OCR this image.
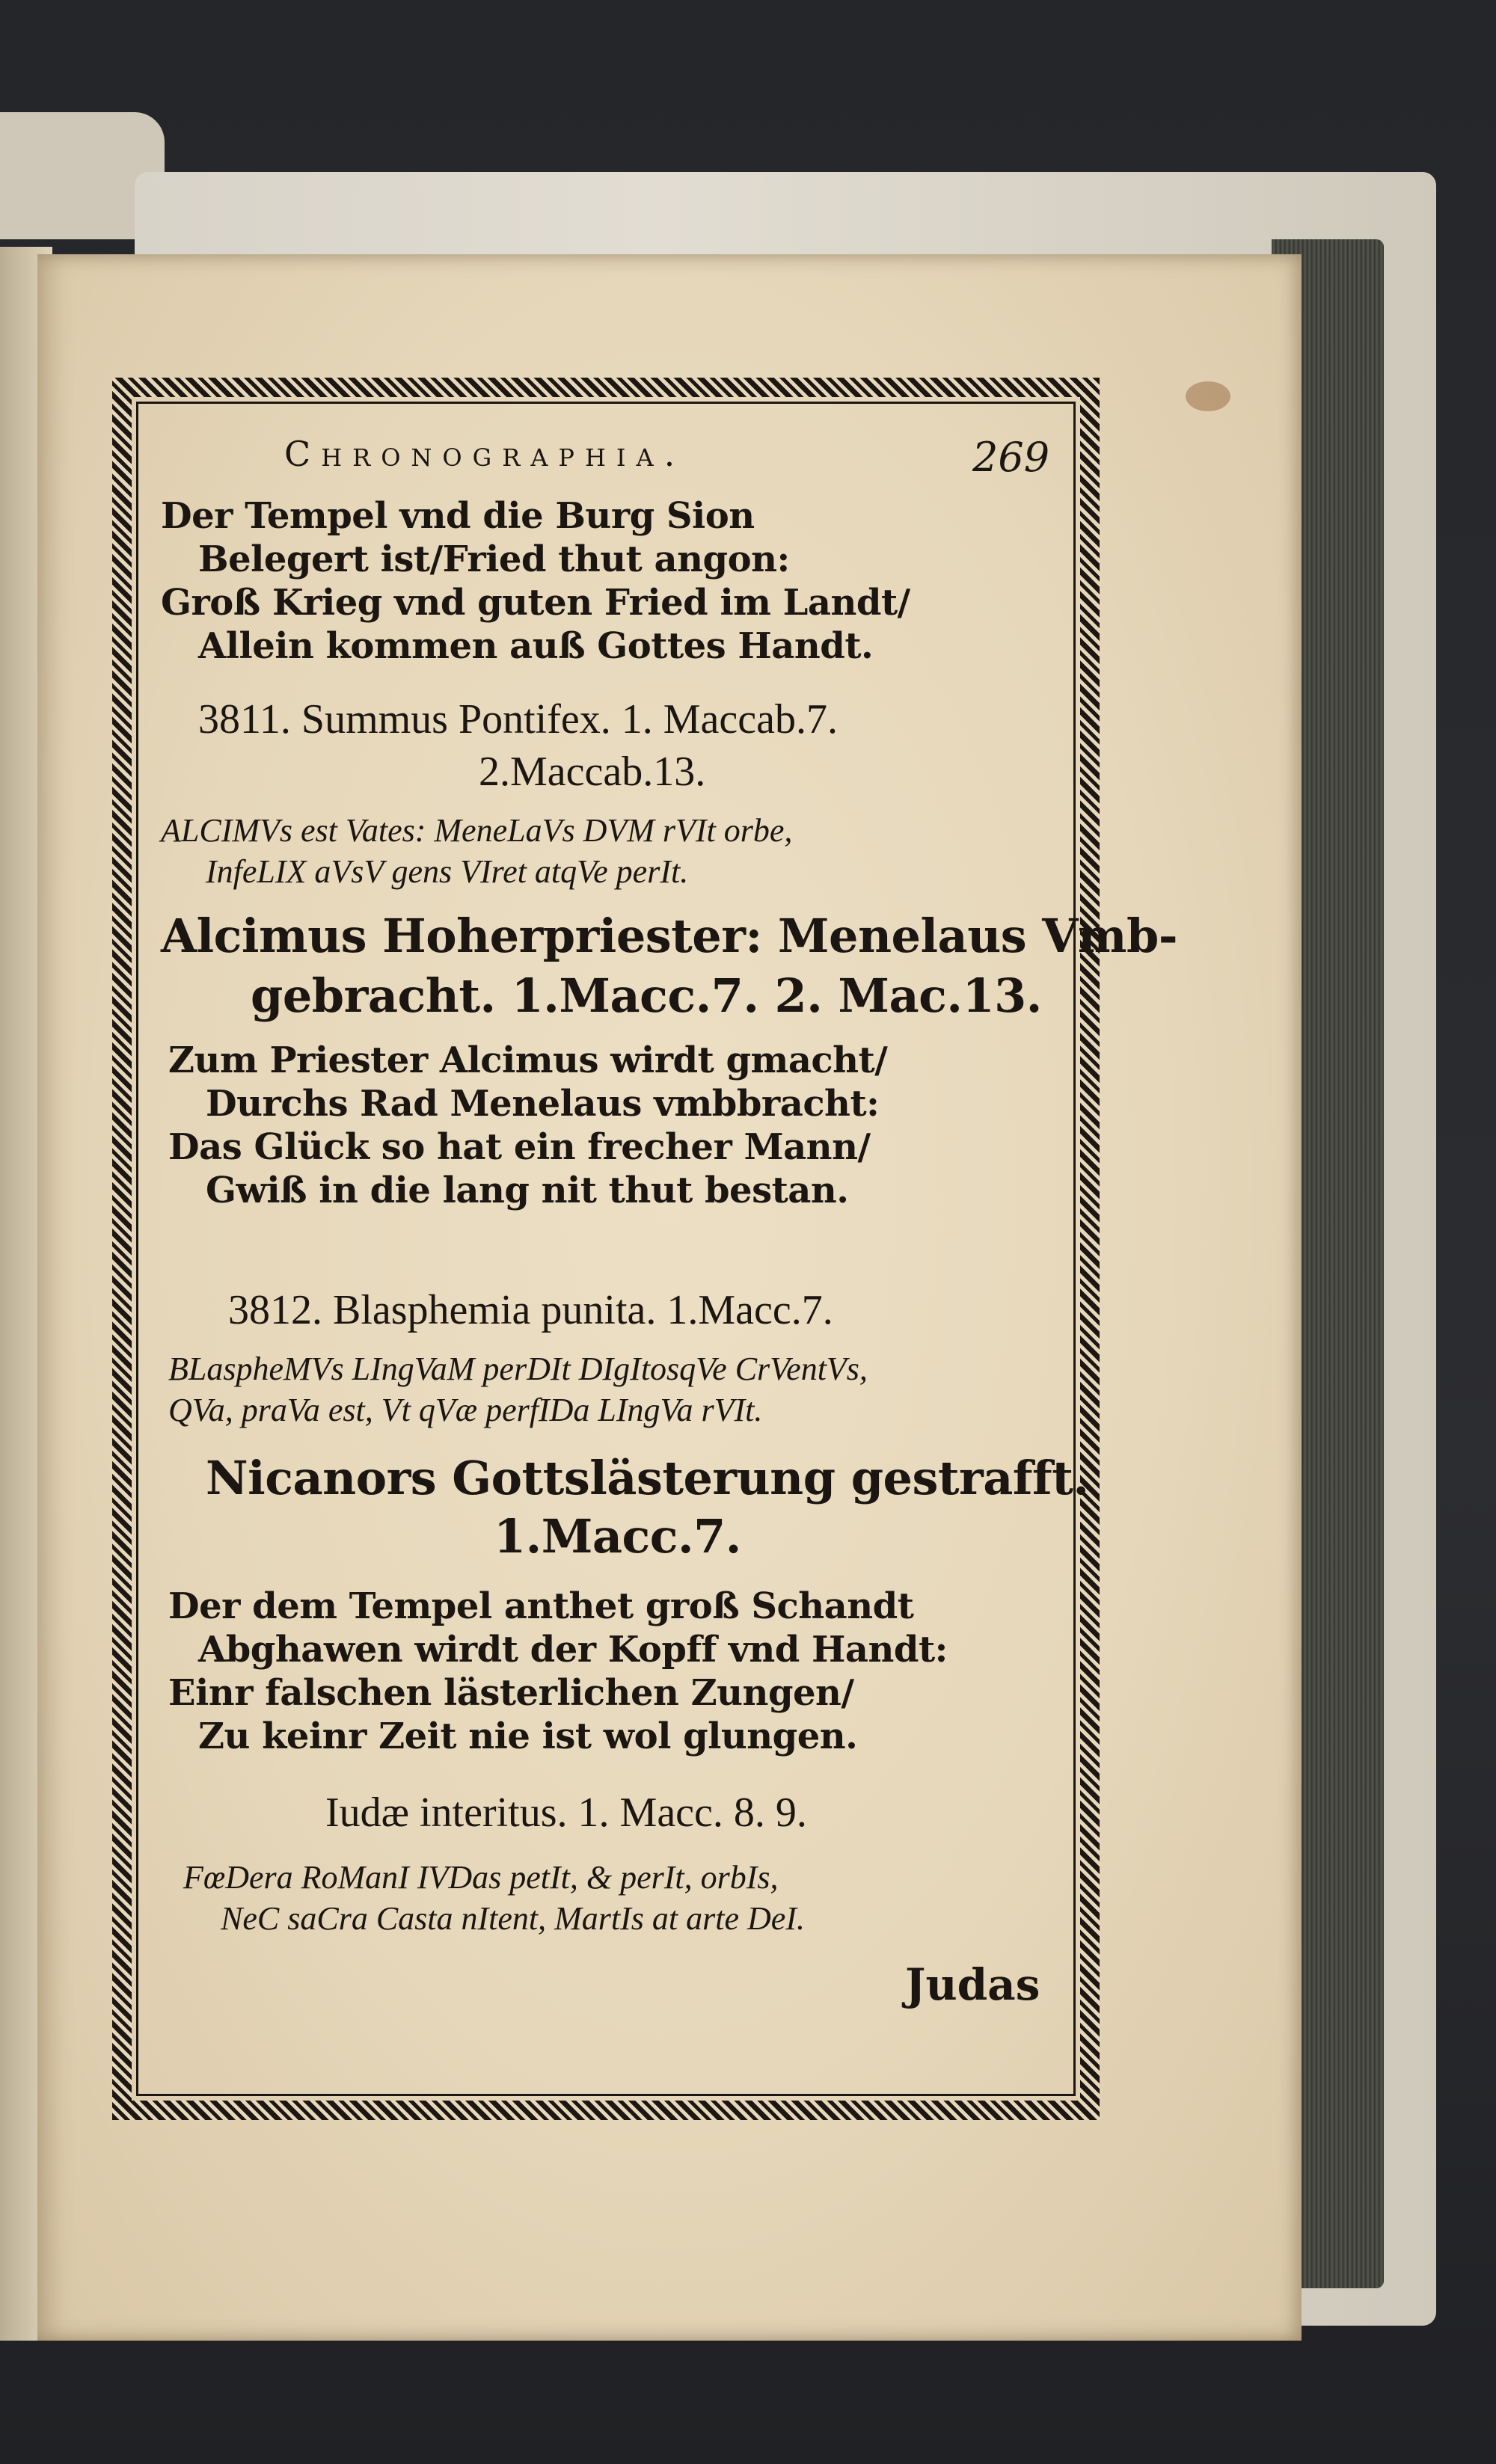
Chronographia.	269
Der Tempel vnd die Burg Sion
Belegert ist/Fried thut angon:
Groß Krieg vnd guten Fried im Landt/
Allein kommen auß Gottes Handt.
3811. Summus Pontifex. 1. Maccab.7.
2.Maccab.13.
ALCIMVs est Vates: MeneLaVs DVM rVIt orbe,
InfeLIX aVsV gens VIret atqVe perIt.
Alcimus Hoherpriester: Menelaus Vmb-
gebracht. 1.Macc.7. 2. Mac.13.
Zum Priester Alcimus wirdt gmacht/
Durchs Rad Menelaus vmbbracht:
Das Glück so hat ein frecher Mann/
Gwiß in die lang nit thut bestan.
3812. Blasphemia punita. 1.Macc.7.
BLaspheMVs LIngVaM perDIt DIgItosqVe CrVentVs,
QVa, praVa est, Vt qVæ perfIDa LIngVa rVIt.
Nicanors Gottslästerung gestrafft.
1.Macc.7.
Der dem Tempel anthet groß Schandt
Abghawen wirdt der Kopff vnd Handt:
Einr falschen lästerlichen Zungen/
Zu keinr Zeit nie ist wol glungen.
Iudæ interitus. 1. Macc. 8. 9.
FœDera RoManI IVDas petIt, & perIt, orbIs,
NeC saCra Casta nItent, MartIs at arte DeI.
Judas
